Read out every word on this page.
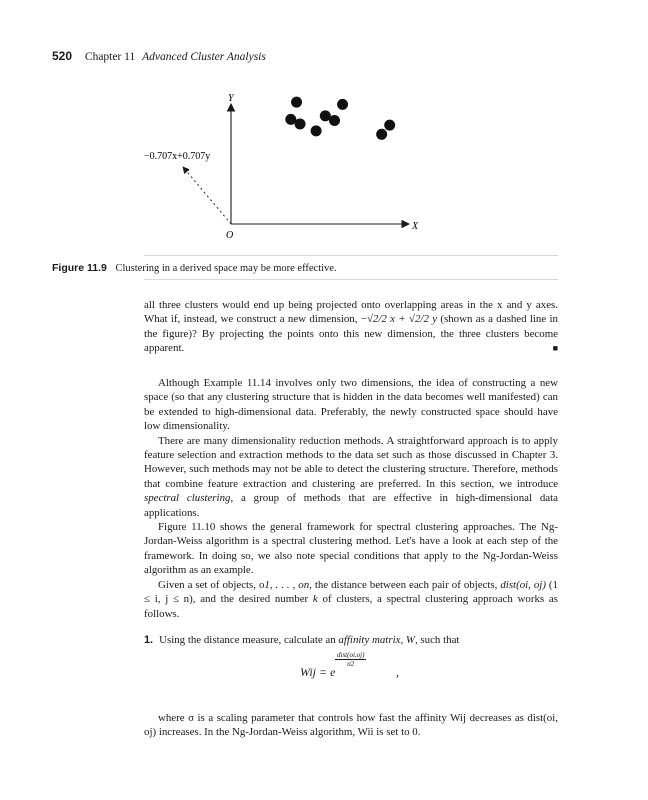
520 Chapter 11 Advanced Cluster Analysis
Y
X
O
−0.707x+0.707y
Figure 11.9 Clustering in a derived space may be more effective.

all three clusters would end up being projected onto overlapping areas in the x and y axes. What if, instead, we construct a new dimension, −√2/2 x + √2/2 y (shown as a dashed line in the figure)? By projecting the points onto this new dimension, the three clusters become apparent.	■

Although Example 11.14 involves only two dimensions, the idea of constructing a new space (so that any clustering structure that is hidden in the data becomes well manifested) can be extended to high-dimensional data. Preferably, the newly constructed space should have low dimensionality.

There are many dimensionality reduction methods. A straightforward approach is to apply feature selection and extraction methods to the data set such as those discussed in Chapter 3. However, such methods may not be able to detect the clustering structure. Therefore, methods that combine feature extraction and clustering are preferred. In this section, we introduce spectral clustering, a group of methods that are effective in high-dimensional data applications.

Figure 11.10 shows the general framework for spectral clustering approaches. The Ng-Jordan-Weiss algorithm is a spectral clustering method. Let's have a look at each step of the framework. In doing so, we also note special conditions that apply to the Ng-Jordan-Weiss algorithm as an example.

Given a set of objects, o1, . . . , on, the distance between each pair of objects, dist(oi, oj) (1 ≤ i, j ≤ n), and the desired number k of clusters, a spectral clustering approach works as follows.

1. Using the distance measure, calculate an affinity matrix, W, such that

Wij = e
dist(oi,oj)
σ2
,

where σ is a scaling parameter that controls how fast the affinity Wij decreases as dist(oi, oj) increases. In the Ng-Jordan-Weiss algorithm, Wii is set to 0.
